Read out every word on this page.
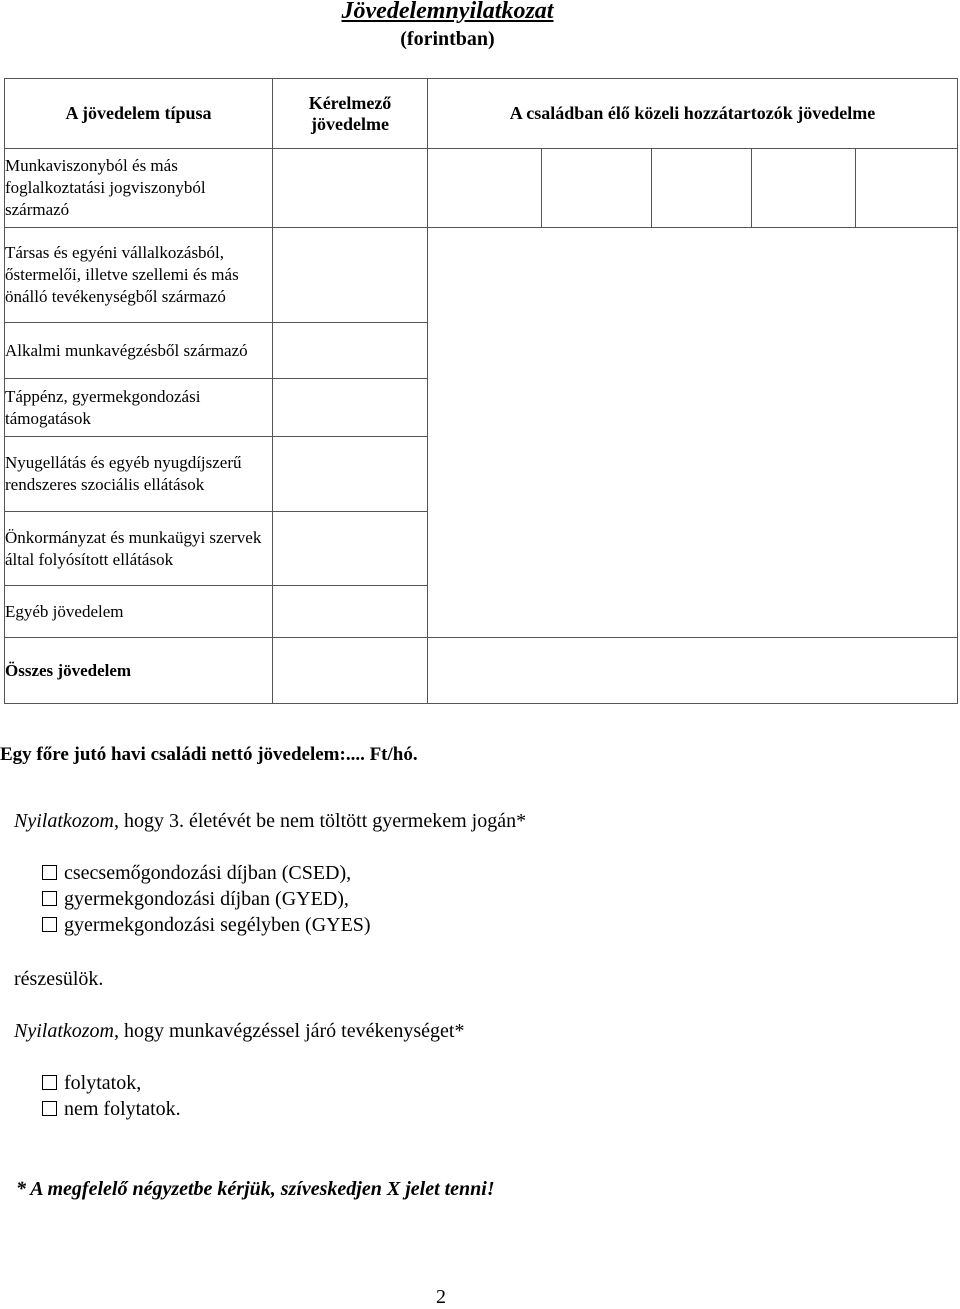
Jövedelemnyilatkozat
(forintban)
A jövedelem típusa	Kérelmező jövedelme	A családban élő közeli hozzátartozók jövedelme				
Munkaviszonyból és más foglalkoztatási jogviszonyból származó						
Társas és egyéni vállalkozásból, őstermelői, illetve szellemi és más önálló tevékenységből származó						
Alkalmi munkavégzésből származó						
Táppénz, gyermekgondozási támogatások						
Nyugellátás és egyéb nyugdíjszerű rendszeres szociális ellátások						
Önkormányzat és munkaügyi szervek által folyósított ellátások						
Egyéb jövedelem						
Összes jövedelem						
Egy főre jutó havi családi nettó jövedelem:.... Ft/hó.
Nyilatkozom, hogy 3. életévét be nem töltött gyermekem jogán*
csecsemőgondozási díjban (CSED),
gyermekgondozási díjban (GYED),
gyermekgondozási segélyben (GYES)
részesülök.
Nyilatkozom, hogy munkavégzéssel járó tevékenységet*
folytatok,
nem folytatok.
* A megfelelő négyzetbe kérjük, szíveskedjen X jelet tenni!
2
